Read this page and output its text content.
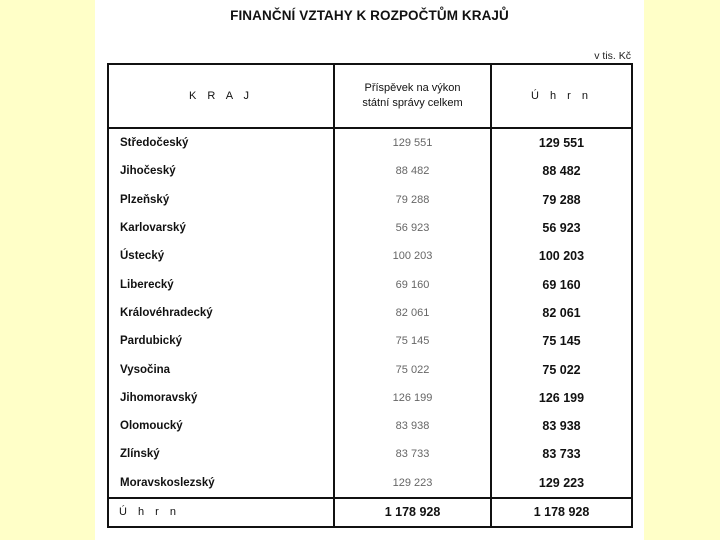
FINANČNÍ VZTAHY K ROZPOČTŮM KRAJŮ
v tis. Kč
K R A J	Příspěvek na výkon státní správy celkem	Ú h r n
Středočeský	129 551	129 551
Jihočeský	88 482	88 482
Plzeňský	79 288	79 288
Karlovarský	56 923	56 923
Ústecký	100 203	100 203
Liberecký	69 160	69 160
Královéhradecký	82 061	82 061
Pardubický	75 145	75 145
Vysočina	75 022	75 022
Jihomoravský	126 199	126 199
Olomoucký	83 938	83 938
Zlínský	83 733	83 733
Moravskoslezský	129 223	129 223
Ú h r n	1 178 928	1 178 928
